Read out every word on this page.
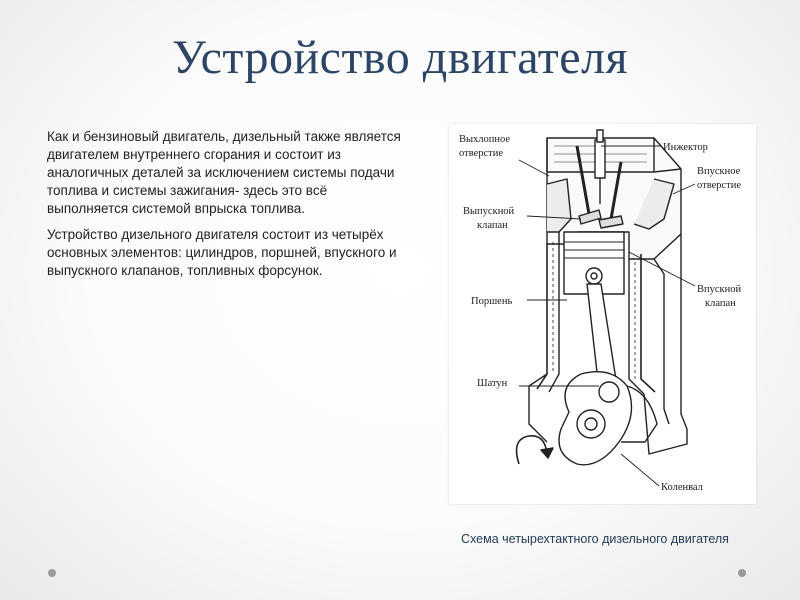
Устройство двигателя

Как и бензиновый двигатель, дизельный также является двигателем внутреннего сгорания и состоит из аналогичных деталей за исключением системы подачи топлива и системы зажигания- здесь это всё выполняется системой впрыска топлива.

Устройство дизельного двигателя состоит из четырёх основных элементов: цилиндров, поршней, впускного и выпускного клапанов, топливных форсунок.

Выхлопное
отверстие
Инжектор
Впускное
отверстие
Выпускной
клапан
Поршень
Впускной
клапан
Шатун
Коленвал
Схема четырехтактного дизельного двигателя
